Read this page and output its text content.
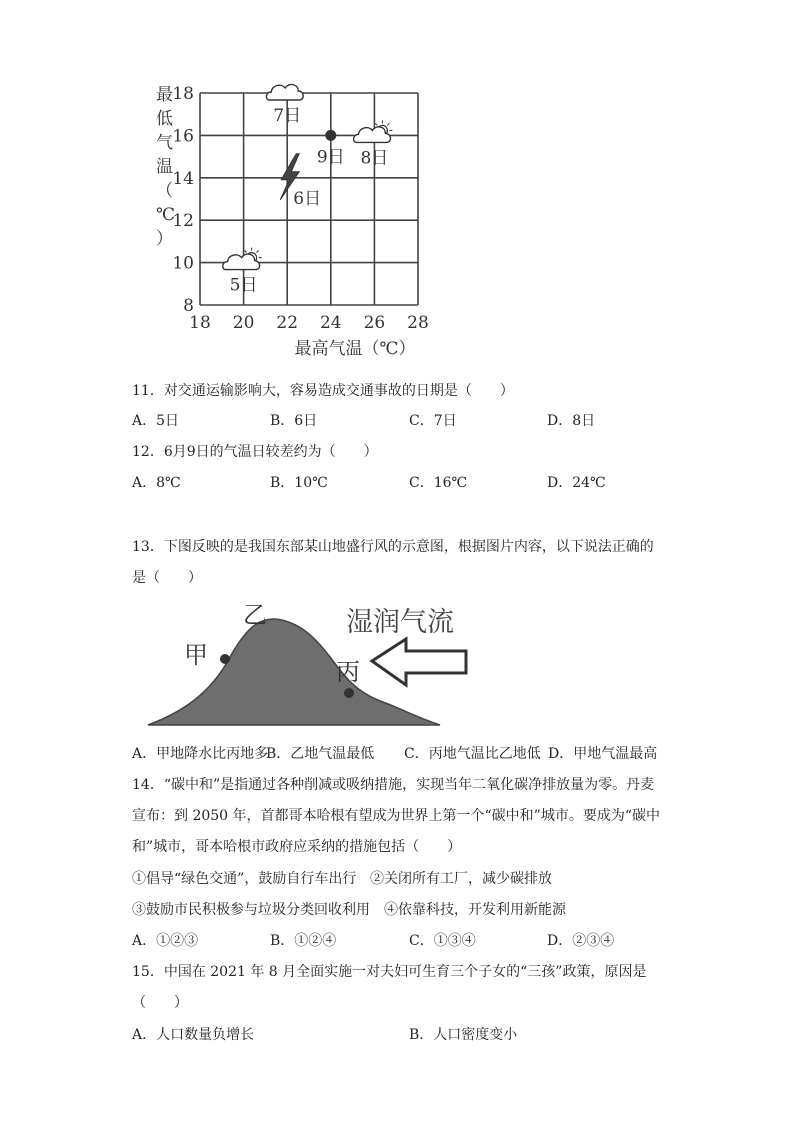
18 20 22 24 26 28
8
10
12
14
16
18
5日
6日
7日
8日
9日
最低气温（℃）
最高气温（℃）
11．对交通运输影响大，容易造成交通事故的日期是（　　）
A．5日	B．6日	C．7日	D．8日
12．6月9日的气温日较差约为（　　）
A．8℃	B．10℃	C．16℃	D．24℃
13．下图反映的是我国东部某山地盛行风的示意图，根据图片内容，以下说法正确的
是（　　）
乙
甲
丙
湿润气流
A．甲地降水比丙地多
B．乙地气温最低 C．丙地气温比乙地低 D．甲地气温最高
14．“碳中和”是指通过各种削减或吸纳措施，实现当年二氧化碳净排放量为零。丹麦
宣布：到 2050 年，首都哥本哈根有望成为世界上第一个“碳中和”城市。要成为“碳中
和”城市，哥本哈根市政府应采纳的措施包括（　　）
①倡导“绿色交通”，鼓励自行车出行 ②关闭所有工厂，减少碳排放
③鼓励市民积极参与垃圾分类回收利用 ④依靠科技，开发利用新能源
A．①②③	B．①②④	C．①③④	D．②③④
15．中国在 2021 年 8 月全面实施一对夫妇可生育三个子女的“三孩”政策，原因是
（　　）
A．人口数量负增长	B．人口密度变小
